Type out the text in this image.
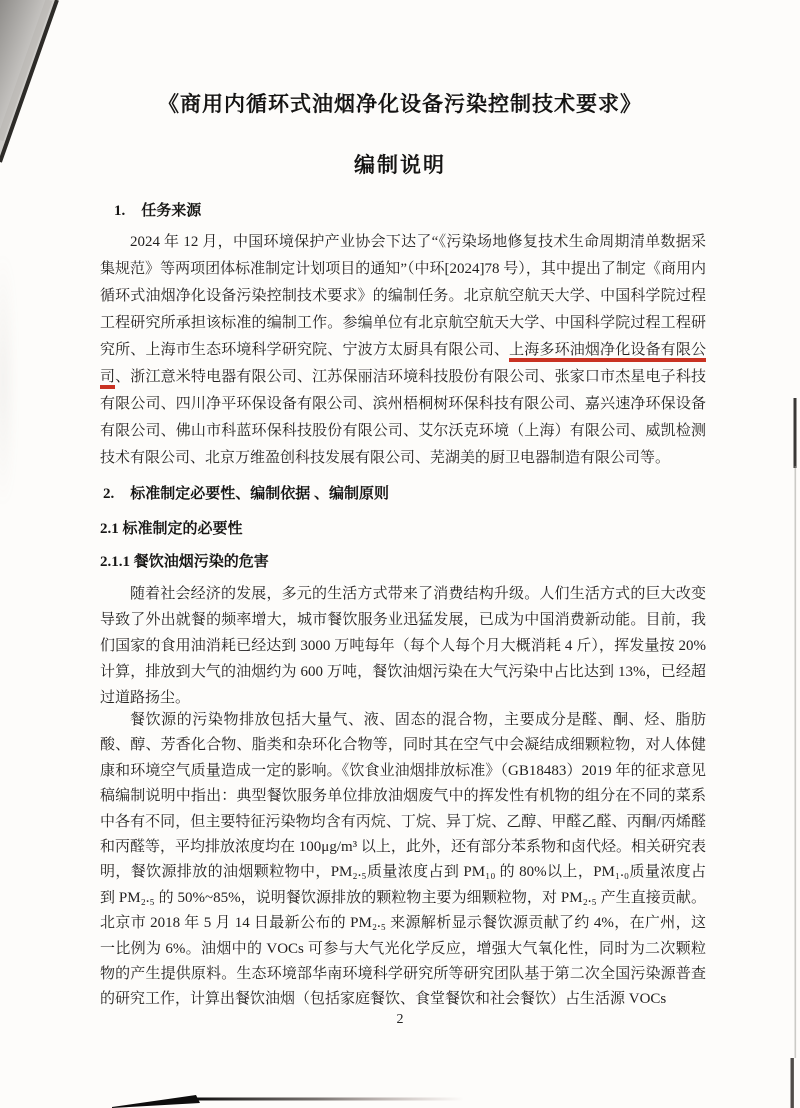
《商用内循环式油烟净化设备污染控制技术要求》
编制说明
1. 任务来源

2024 年 12 月，中国环境保护产业协会下达了“《污染场地修复技术生命周期清单数据采集规范》等两项团体标准制定计划项目的通知”（中环[2024]78 号），其中提出了制定《商用内循环式油烟净化设备污染控制技术要求》的编制任务。北京航空航天大学、中国科学院过程工程研究所承担该标准的编制工作。参编单位有北京航空航天大学、中国科学院过程工程研究所、上海市生态环境科学研究院、宁波方太厨具有限公司、上海多环油烟净化设备有限公司、浙江意米特电器有限公司、江苏保丽洁环境科技股份有限公司、张家口市杰星电子科技有限公司、四川净平环保设备有限公司、滨州梧桐树环保科技有限公司、嘉兴速净环保设备有限公司、佛山市科蓝环保科技股份有限公司、艾尔沃克环境（上海）有限公司、威凯检测技术有限公司、北京万维盈创科技发展有限公司、芜湖美的厨卫电器制造有限公司等。

2. 标准制定必要性、编制依据 、编制原则
2.1 标准制定的必要性
2.1.1 餐饮油烟污染的危害

随着社会经济的发展，多元的生活方式带来了消费结构升级。人们生活方式的巨大改变导致了外出就餐的频率增大，城市餐饮服务业迅猛发展，已成为中国消费新动能。目前，我们国家的食用油消耗已经达到 3000 万吨每年（每个人每个月大概消耗 4 斤），挥发量按 20%计算，排放到大气的油烟约为 600 万吨，餐饮油烟污染在大气污染中占比达到 13%，已经超过道路扬尘。

餐饮源的污染物排放包括大量气、液、固态的混合物，主要成分是醛、酮、烃、脂肪酸、醇、芳香化合物、脂类和杂环化合物等，同时其在空气中会凝结成细颗粒物，对人体健康和环境空气质量造成一定的影响。《饮食业油烟排放标准》（GB18483）2019 年的征求意见稿编制说明中指出：典型餐饮服务单位排放油烟废气中的挥发性有机物的组分在不同的菜系中各有不同，但主要特征污染物均含有丙烷、丁烷、异丁烷、乙醇、甲醛乙醛、丙酮/丙烯醛和丙醛等，平均排放浓度均在 100μg/m³ 以上，此外，还有部分苯系物和卤代烃。相关研究表明，餐饮源排放的油烟颗粒物中，PM₂.₅质量浓度占到 PM₁₀ 的 80%以上，PM₁.₀质量浓度占到 PM₂.₅ 的 50%~85%，说明餐饮源排放的颗粒物主要为细颗粒物，对 PM₂.₅ 产生直接贡献。北京市 2018 年 5 月 14 日最新公布的 PM₂.₅ 来源解析显示餐饮源贡献了约 4%，在广州，这一比例为 6%。油烟中的 VOCs 可参与大气光化学反应，增强大气氧化性，同时为二次颗粒物的产生提供原料。生态环境部华南环境科学研究所等研究团队基于第二次全国污染源普查的研究工作，计算出餐饮油烟（包括家庭餐饮、食堂餐饮和社会餐饮）占生活源 VOCs

2
